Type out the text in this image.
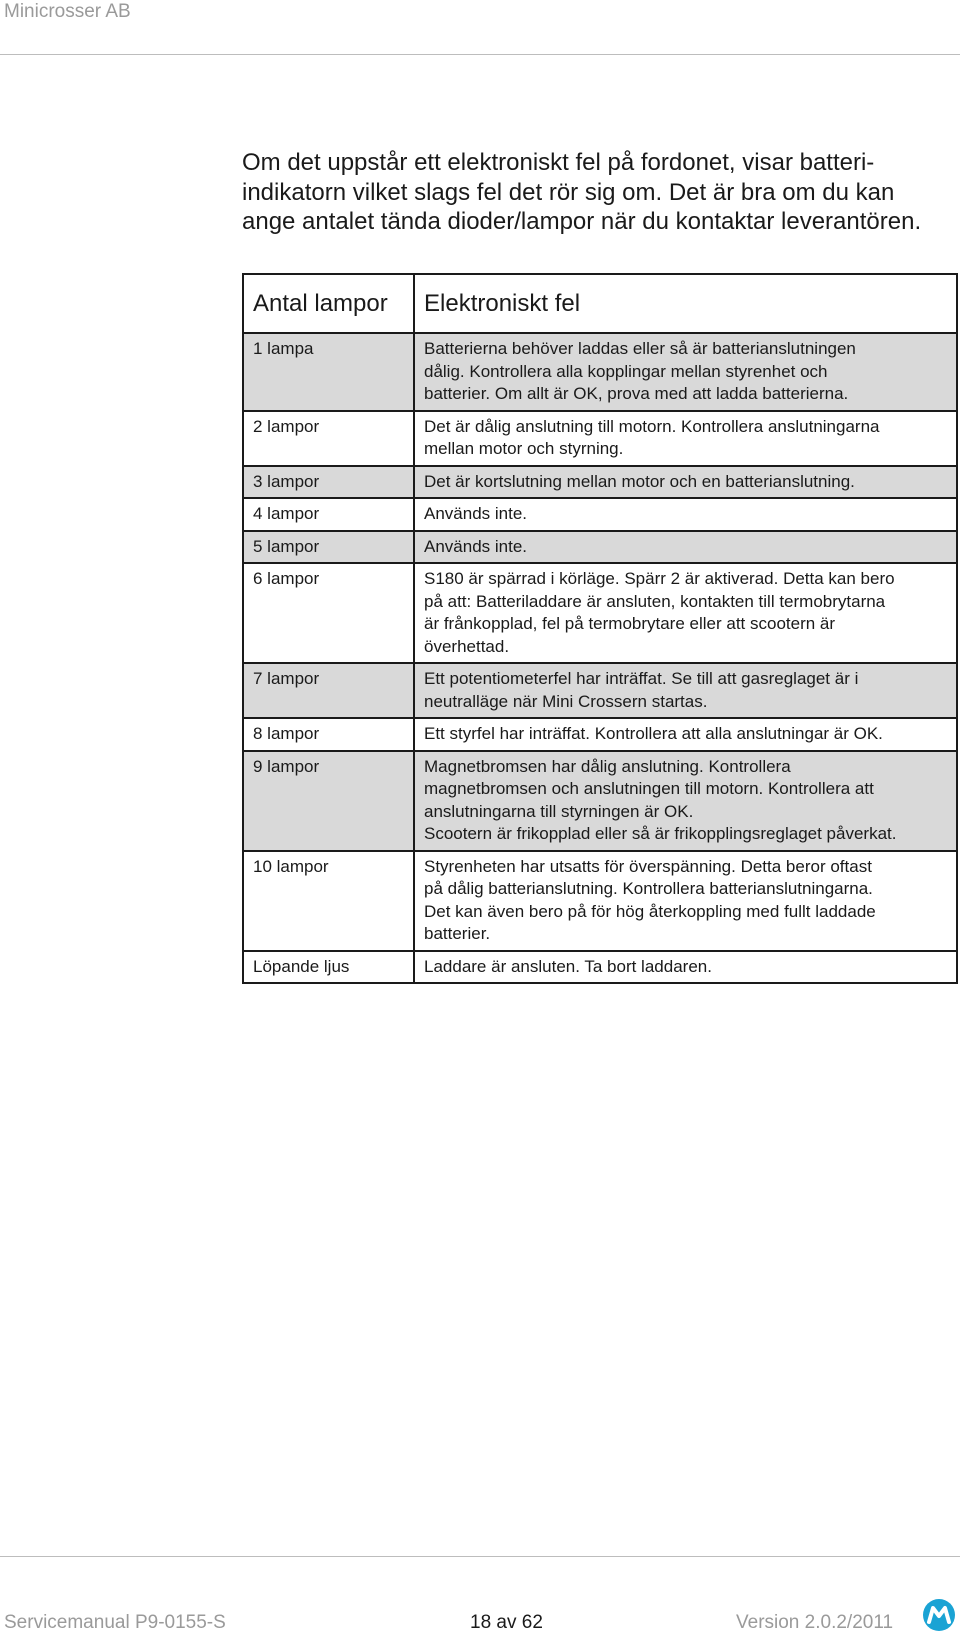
Minicrosser AB

Om det uppstår ett elektroniskt fel på fordonet, visar batteri-
indikatorn vilket slags fel det rör sig om. Det är bra om du kan
ange antalet tända dioder/lampor när du kontaktar leverantören.

Antal lampor	Elektroniskt fel
1 lampa	Batterierna behöver laddas eller så är batterianslutningen
dålig. Kontrollera alla kopplingar mellan styrenhet och
batterier. Om allt är OK, prova med att ladda batterierna.

2 lampor	Det är dålig anslutning till motorn. Kontrollera anslutningarna
mellan motor och styrning.

3 lampor	Det är kortslutning mellan motor och en batterianslutning.

4 lampor	Används inte.

5 lampor	Används inte.

6 lampor	S180 är spärrad i körläge. Spärr 2 är aktiverad. Detta kan bero
på att: Batteriladdare är ansluten, kontakten till termobrytarna
är frånkopplad, fel på termobrytare eller att scootern är
överhettad.

7 lampor	Ett potentiometerfel har inträffat. Se till att gasreglaget är i
neutralläge när Mini Crossern startas.

8 lampor	Ett styrfel har inträffat. Kontrollera att alla anslutningar är OK.

9 lampor	Magnetbromsen har dålig anslutning. Kontrollera
magnetbromsen och anslutningen till motorn. Kontrollera att
anslutningarna till styrningen är OK.
Scootern är frikopplad eller så är frikopplingsreglaget påverkat.

10 lampor	Styrenheten har utsatts för överspänning. Detta beror oftast
på dålig batterianslutning. Kontrollera batterianslutningarna.
Det kan även bero på för hög återkoppling med fullt laddade
batterier.

Löpande ljus	Laddare är ansluten. Ta bort laddaren.
Servicemanual P9-0155-S	18 av 62	Version 2.0.2/2011
